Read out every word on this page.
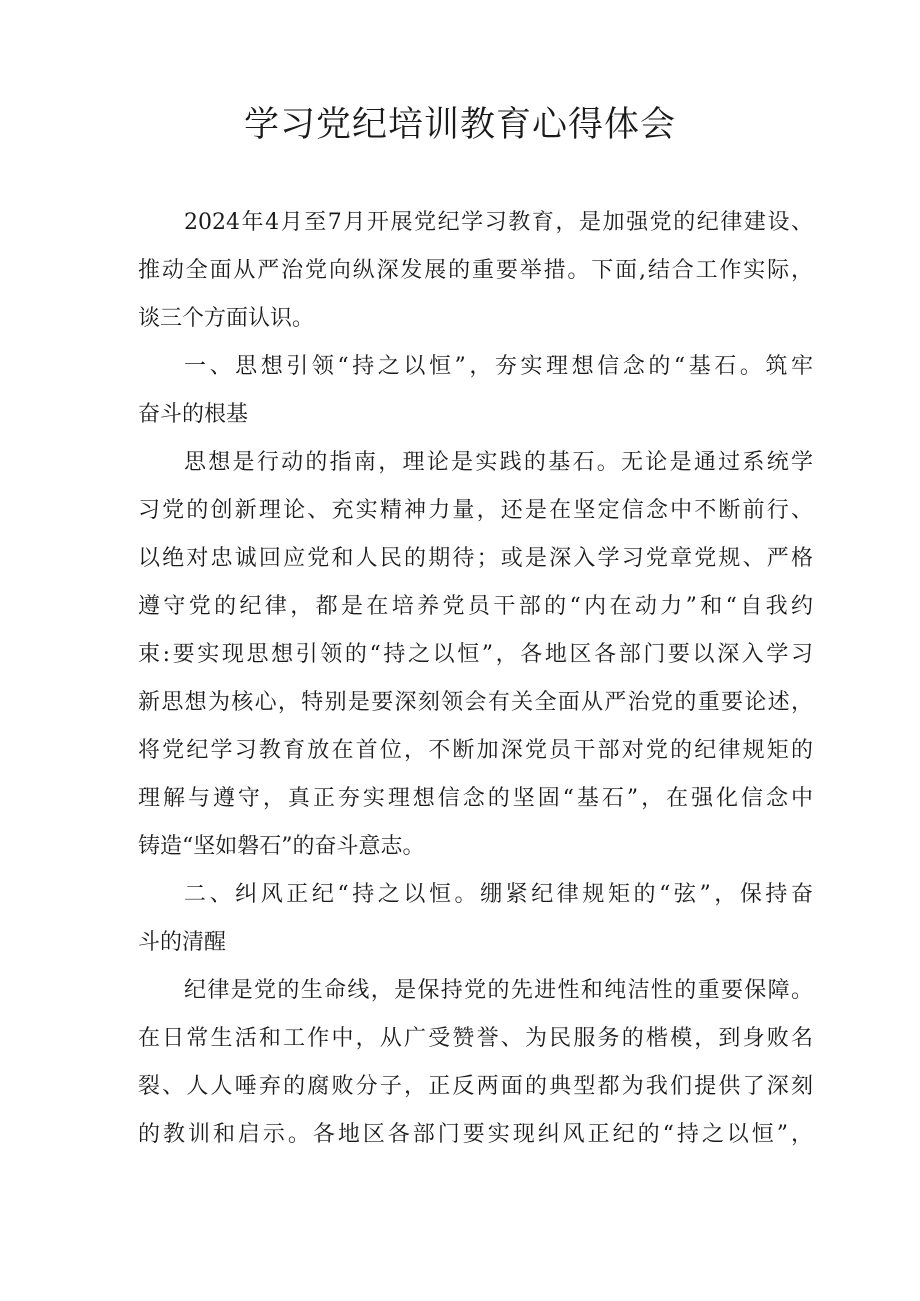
学习党纪培训教育心得体会
2024年4月至7月开展党纪学习教育，是加强党的纪律建设、
推动全面从严治党向纵深发展的重要举措。下面,结合工作实际，
谈三个方面认识。
一、思想引领“持之以恒”，夯实理想信念的“基石。筑牢
奋斗的根基
思想是行动的指南，理论是实践的基石。无论是通过系统学
习党的创新理论、充实精神力量，还是在坚定信念中不断前行、
以绝对忠诚回应党和人民的期待；或是深入学习党章党规、严格
遵守党的纪律，都是在培养党员干部的“内在动力”和“自我约
束:要实现思想引领的“持之以恒”，各地区各部门要以深入学习
新思想为核心，特别是要深刻领会有关全面从严治党的重要论述，
将党纪学习教育放在首位，不断加深党员干部对党的纪律规矩的
理解与遵守，真正夯实理想信念的坚固“基石”，在强化信念中
铸造“坚如磐石”的奋斗意志。
二、纠风正纪“持之以恒。绷紧纪律规矩的“弦”，保持奋
斗的清醒
纪律是党的生命线，是保持党的先进性和纯洁性的重要保障。
在日常生活和工作中，从广受赞誉、为民服务的楷模，到身败名
裂、人人唾弃的腐败分子，正反两面的典型都为我们提供了深刻
的教训和启示。各地区各部门要实现纠风正纪的“持之以恒”，
